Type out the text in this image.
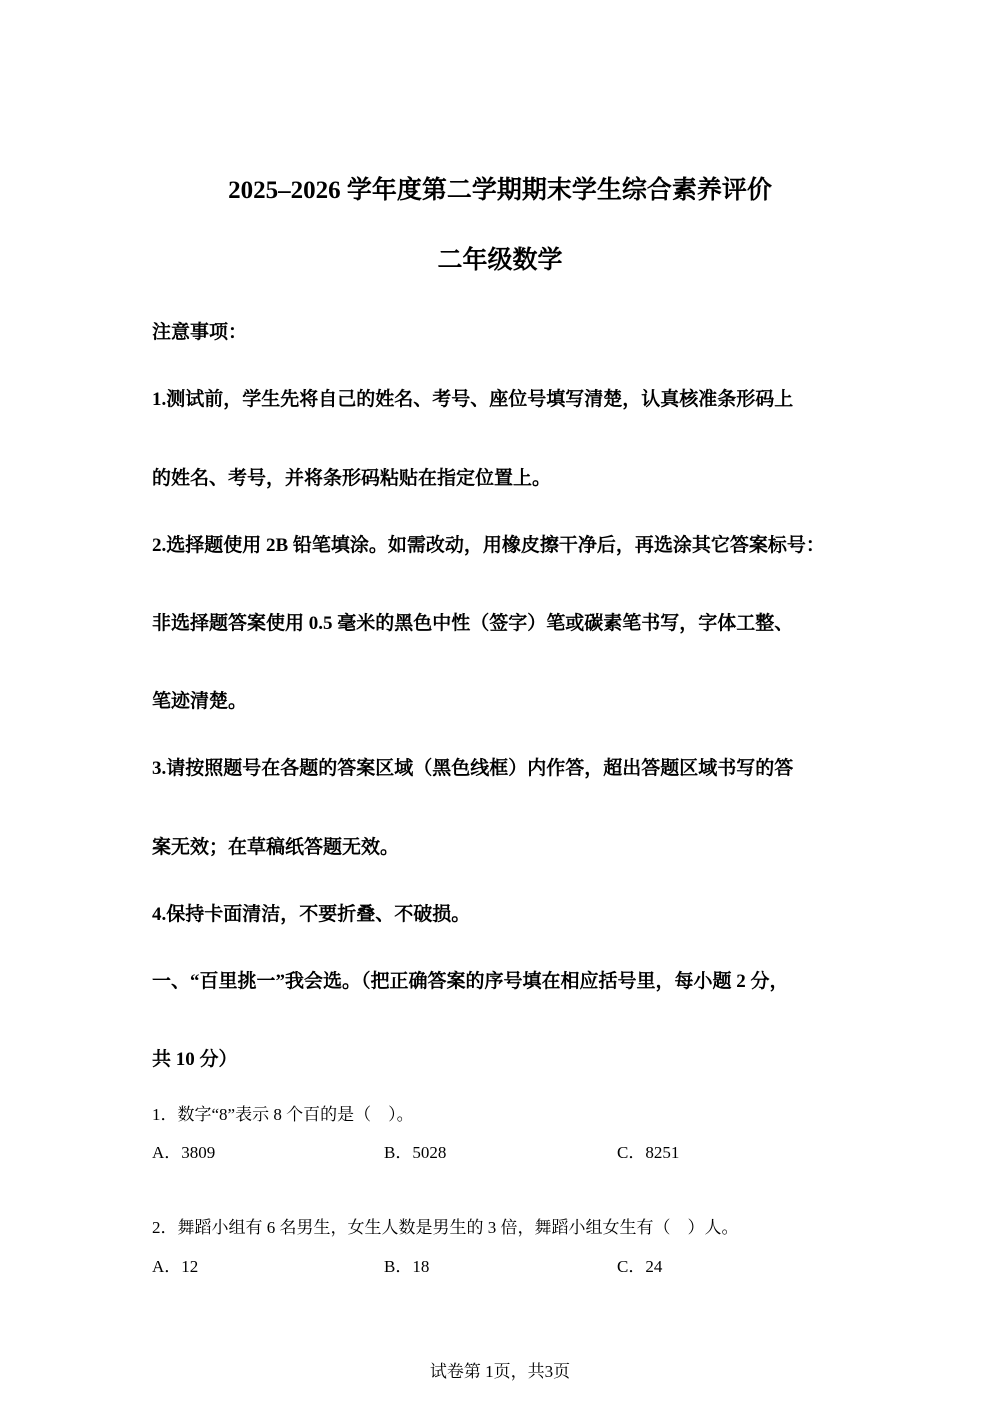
2025–2026 学年度第二学期期末学生综合素养评价
二年级数学
注意事项：
1.测试前，学生先将自己的姓名、考号、座位号填写清楚，认真核准条形码上
的姓名、考号，并将条形码粘贴在指定位置上。
2.选择题使用 2B 铅笔填涂。如需改动，用橡皮擦干净后，再选涂其它答案标号：
非选择题答案使用 0.5 毫米的黑色中性（签字）笔或碳素笔书写，字体工整、
笔迹清楚。
3.请按照题号在各题的答案区域（黑色线框）内作答，超出答题区域书写的答
案无效；在草稿纸答题无效。
4.保持卡面清洁，不要折叠、不破损。
一、“百里挑一”我会选。（把正确答案的序号填在相应括号里，每小题 2 分，
共 10 分）
1．数字“8”表示 8 个百的是（　）。
A．3809	B．5028	C．8251
2．舞蹈小组有 6 名男生，女生人数是男生的 3 倍，舞蹈小组女生有（　）人。
A．12	B．18	C．24
试卷第 1页，共3页
